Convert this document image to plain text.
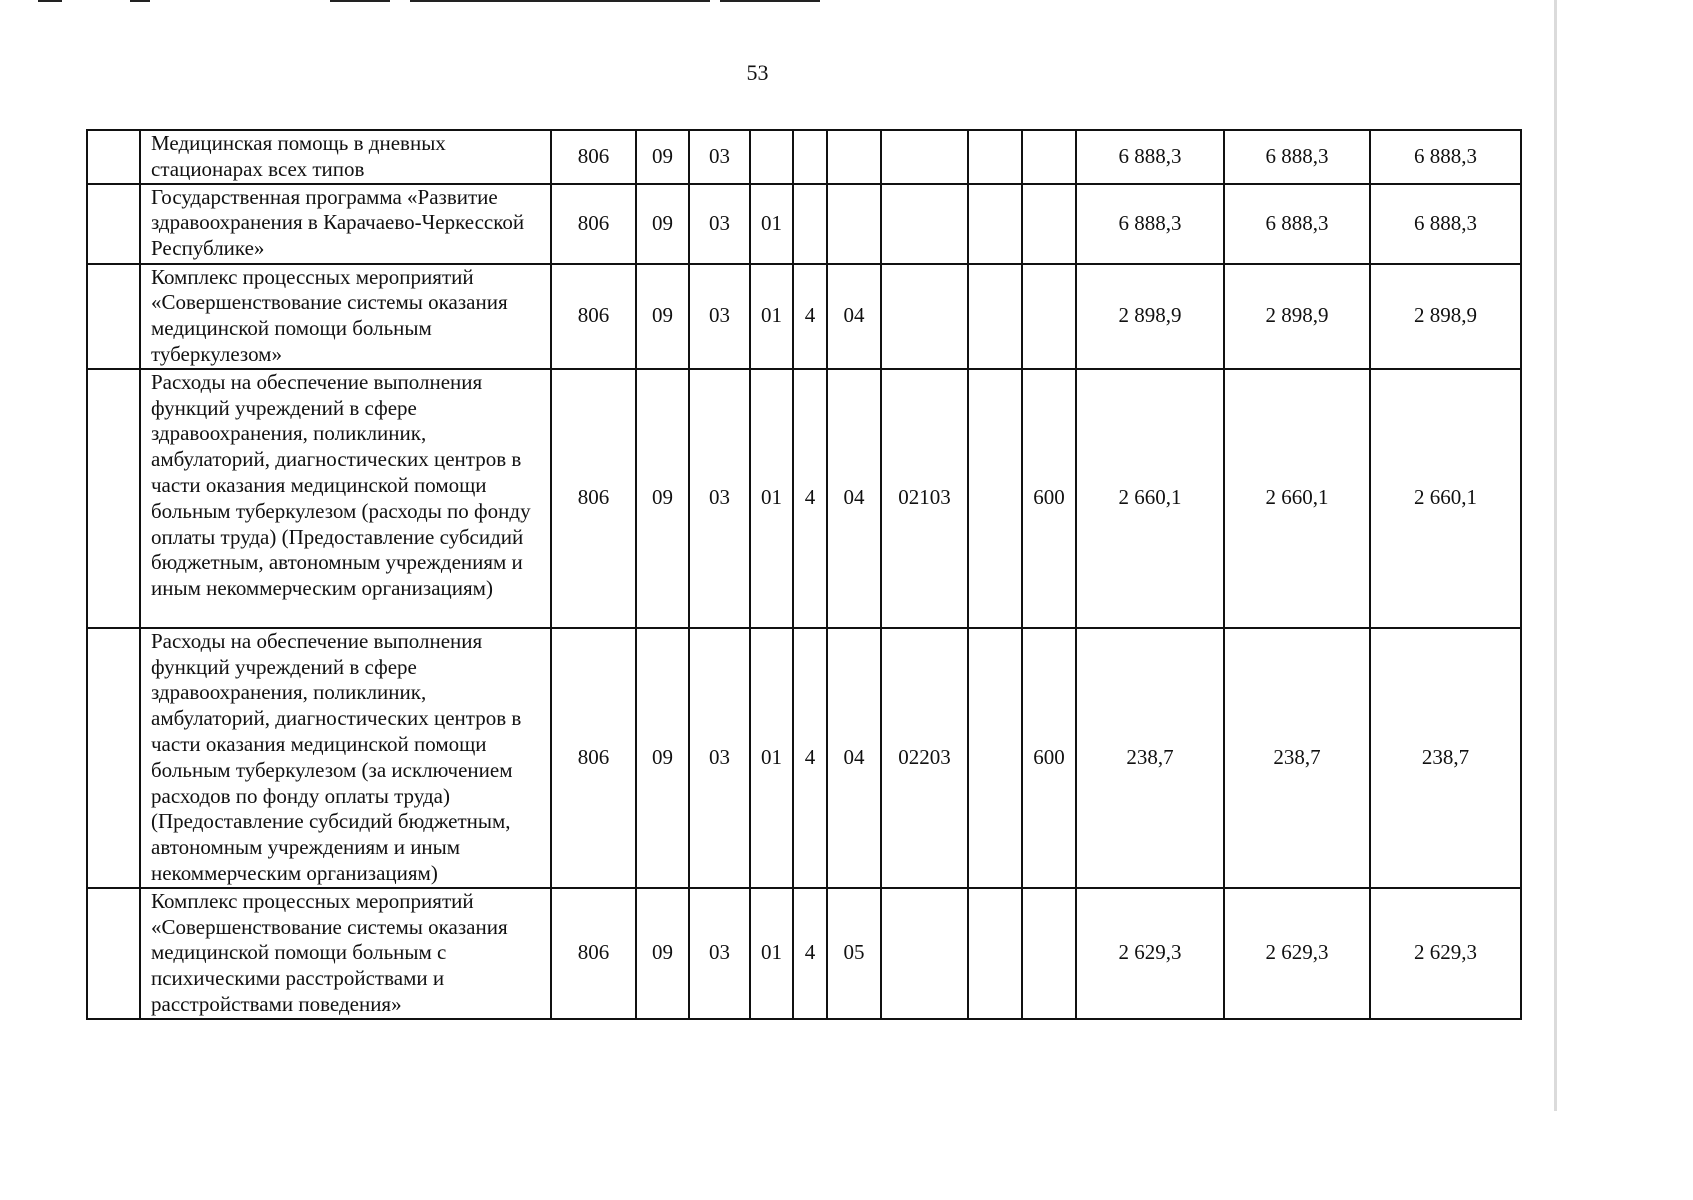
53
	Медицинская помощь в дневных стационарах всех типов	806	09	03							6 888,3	6 888,3	6 888,3
	Государственная программа «Развитие здравоохранения в Карачаево-Черкесской Республике»	806	09	03	01						6 888,3	6 888,3	6 888,3
	Комплекс процессных мероприятий «Совершенствование системы оказания медицинской помощи больным туберкулезом»	806	09	03	01	4	04				2 898,9	2 898,9	2 898,9
	Расходы на обеспечение выполнения функций учреждений в сфере здравоохранения, поликлиник, амбулаторий, диагностических центров в части оказания медицинской помощи больным туберкулезом (расходы по фонду оплаты труда) (Предоставление субсидий бюджетным, автономным учреждениям и иным некоммерческим организациям)	806	09	03	01	4	04	02103		600	2 660,1	2 660,1	2 660,1
	Расходы на обеспечение выполнения функций учреждений в сфере здравоохранения, поликлиник, амбулаторий, диагностических центров в части оказания медицинской помощи больным туберкулезом (за исключением расходов по фонду оплаты труда) (Предоставление субсидий бюджетным, автономным учреждениям и иным некоммерческим организациям)	806	09	03	01	4	04	02203		600	238,7	238,7	238,7
	Комплекс процессных мероприятий «Совершенствование системы оказания медицинской помощи больным с психическими расстройствами и расстройствами поведения»	806	09	03	01	4	05				2 629,3	2 629,3	2 629,3
